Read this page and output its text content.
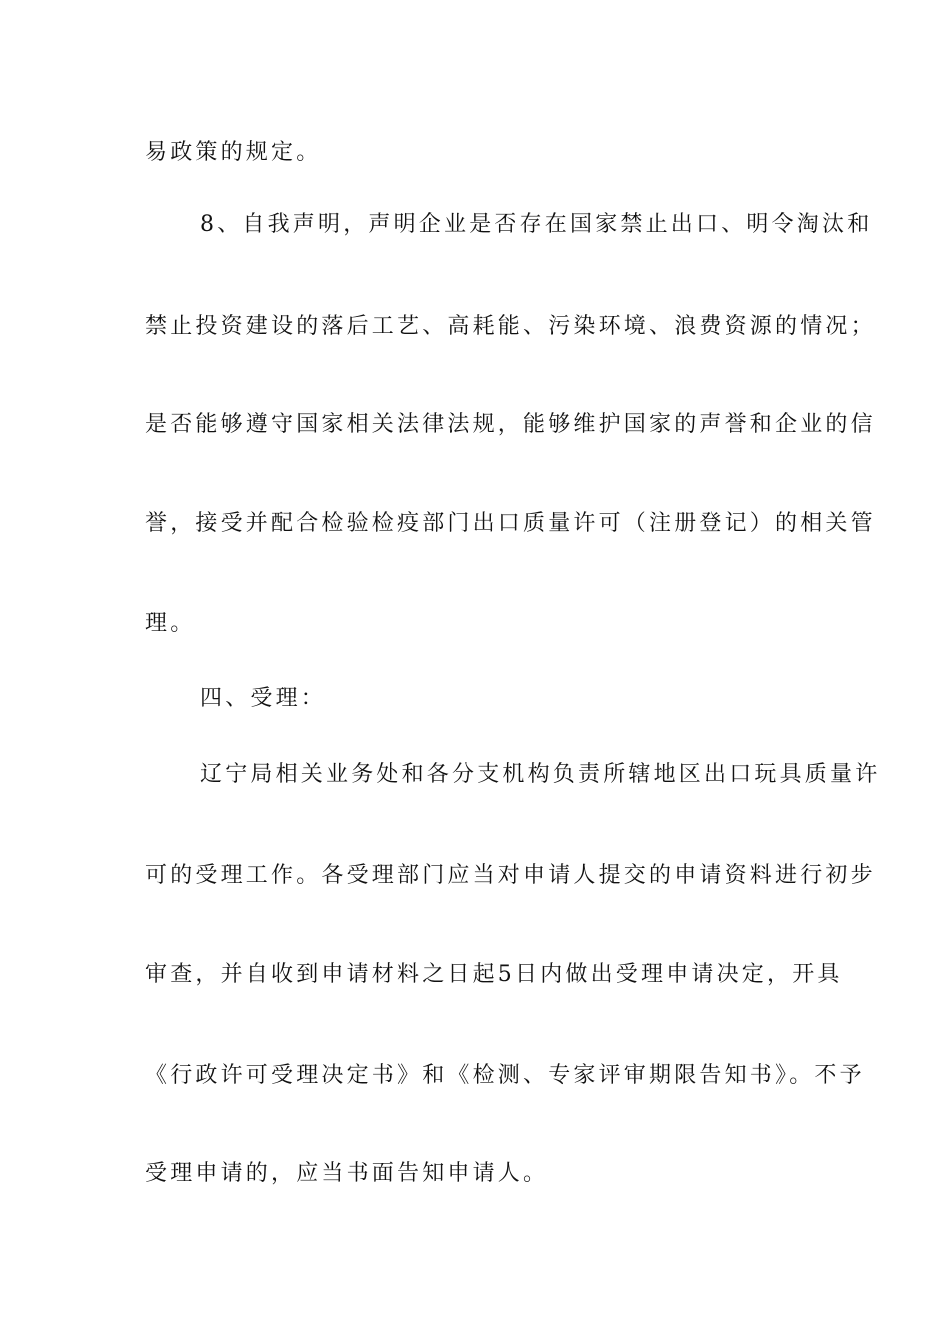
易政策的规定。
8、自我声明，声明企业是否存在国家禁止出口、明令淘汰和
禁止投资建设的落后工艺、高耗能、污染环境、浪费资源的情况；
是否能够遵守国家相关法律法规，能够维护国家的声誉和企业的信
誉，接受并配合检验检疫部门出口质量许可（注册登记）的相关管
理。
四、受理：
辽宁局相关业务处和各分支机构负责所辖地区出口玩具质量许
可的受理工作。各受理部门应当对申请人提交的申请资料进行初步
审查，并自收到申请材料之日起5日内做出受理申请决定，开具
《行政许可受理决定书》和《检测、专家评审期限告知书》。不予
受理申请的，应当书面告知申请人。
